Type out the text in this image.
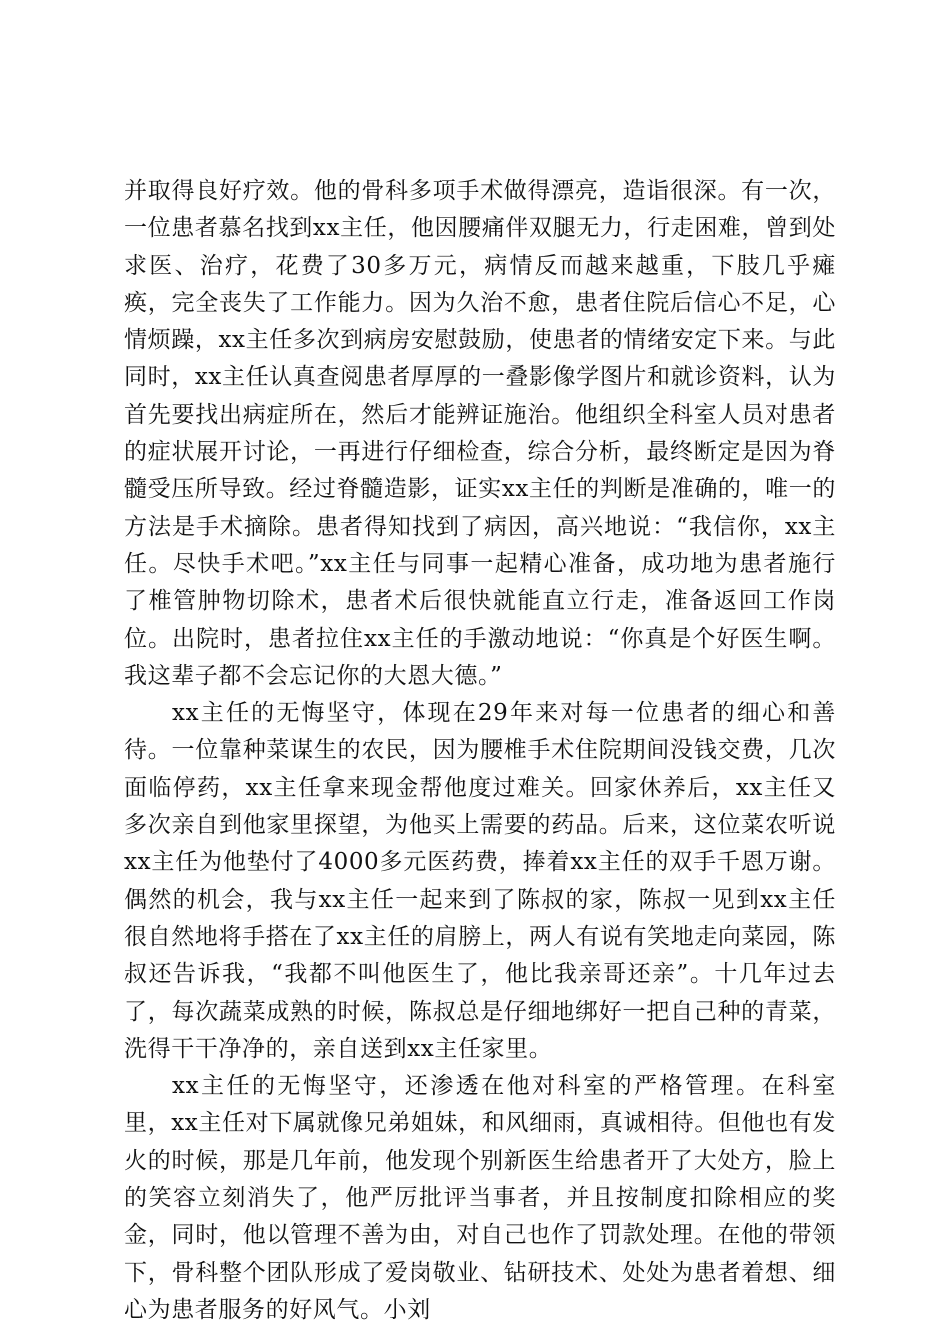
并取得良好疗效。他的骨科多项手术做得漂亮，造诣很深。有一次，一位患者慕名找到xx主任，他因腰痛伴双腿无力，行走困难，曾到处求医、治疗，花费了30多万元，病情反而越来越重，下肢几乎瘫痪，完全丧失了工作能力。因为久治不愈，患者住院后信心不足，心情烦躁，xx主任多次到病房安慰鼓励，使患者的情绪安定下来。与此同时，xx主任认真查阅患者厚厚的一叠影像学图片和就诊资料，认为首先要找出病症所在，然后才能辨证施治。他组织全科室人员对患者的症状展开讨论，一再进行仔细检查，综合分析，最终断定是因为脊髓受压所导致。经过脊髓造影，证实xx主任的判断是准确的，唯一的方法是手术摘除。患者得知找到了病因，高兴地说：“我信你，xx主任。尽快手术吧。”xx主任与同事一起精心准备，成功地为患者施行了椎管肿物切除术，患者术后很快就能直立行走，准备返回工作岗位。出院时，患者拉住xx主任的手激动地说：“你真是个好医生啊。我这辈子都不会忘记你的大恩大德。”

xx主任的无悔坚守，体现在29年来对每一位患者的细心和善待。一位靠种菜谋生的农民，因为腰椎手术住院期间没钱交费，几次面临停药，xx主任拿来现金帮他度过难关。回家休养后，xx主任又多次亲自到他家里探望，为他买上需要的药品。后来，这位菜农听说xx主任为他垫付了4000多元医药费，捧着xx主任的双手千恩万谢。偶然的机会，我与xx主任一起来到了陈叔的家，陈叔一见到xx主任很自然地将手搭在了xx主任的肩膀上，两人有说有笑地走向菜园，陈叔还告诉我，“我都不叫他医生了，他比我亲哥还亲”。十几年过去了，每次蔬菜成熟的时候，陈叔总是仔细地绑好一把自己种的青菜，洗得干干净净的，亲自送到xx主任家里。

xx主任的无悔坚守，还渗透在他对科室的严格管理。在科室里，xx主任对下属就像兄弟姐妹，和风细雨，真诚相待。但他也有发火的时候，那是几年前，他发现个别新医生给患者开了大处方，脸上的笑容立刻消失了，他严厉批评当事者，并且按制度扣除相应的奖金，同时，他以管理不善为由，对自己也作了罚款处理。在他的带领下，骨科整个团队形成了爱岗敬业、钻研技术、处处为患者着想、细心为患者服务的好风气。小刘
